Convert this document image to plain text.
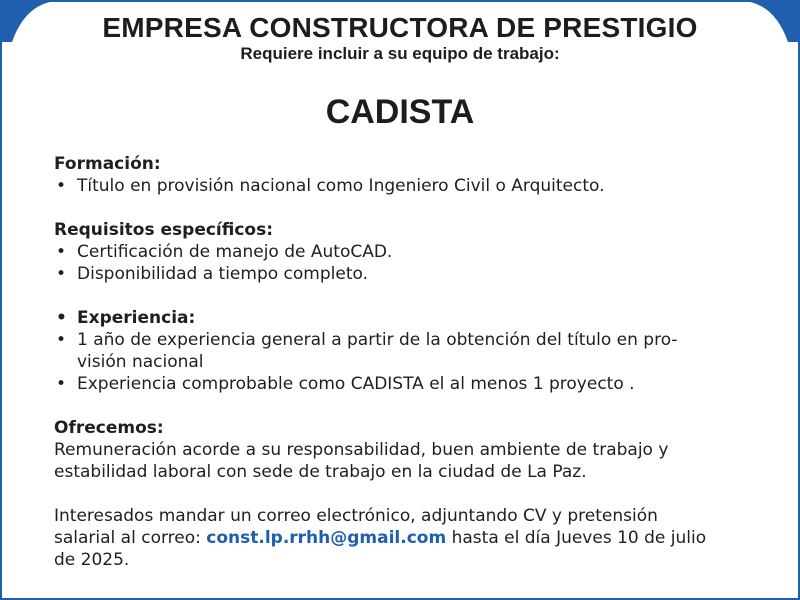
EMPRESA CONSTRUCTORA DE PRESTIGIO
Requiere incluir a su equipo de trabajo:
CADISTA
Formación:
• Título en provisión nacional como Ingeniero Civil o Arquitecto.
Requisitos específicos:
• Certificación de manejo de AutoCAD.
• Disponibilidad a tiempo completo.
• Experiencia:
• 1 año de experiencia general a partir de la obtención del título en pro-
visión nacional
• Experiencia comprobable como CADISTA el al menos 1 proyecto .
Ofrecemos:

Remuneración acorde a su responsabilidad, buen ambiente de trabajo y
estabilidad laboral con sede de trabajo en la ciudad de La Paz.

Interesados mandar un correo electrónico, adjuntando CV y pretensión
salarial al correo: const.lp.rrhh@gmail.com hasta el día Jueves 10 de julio
de 2025.
